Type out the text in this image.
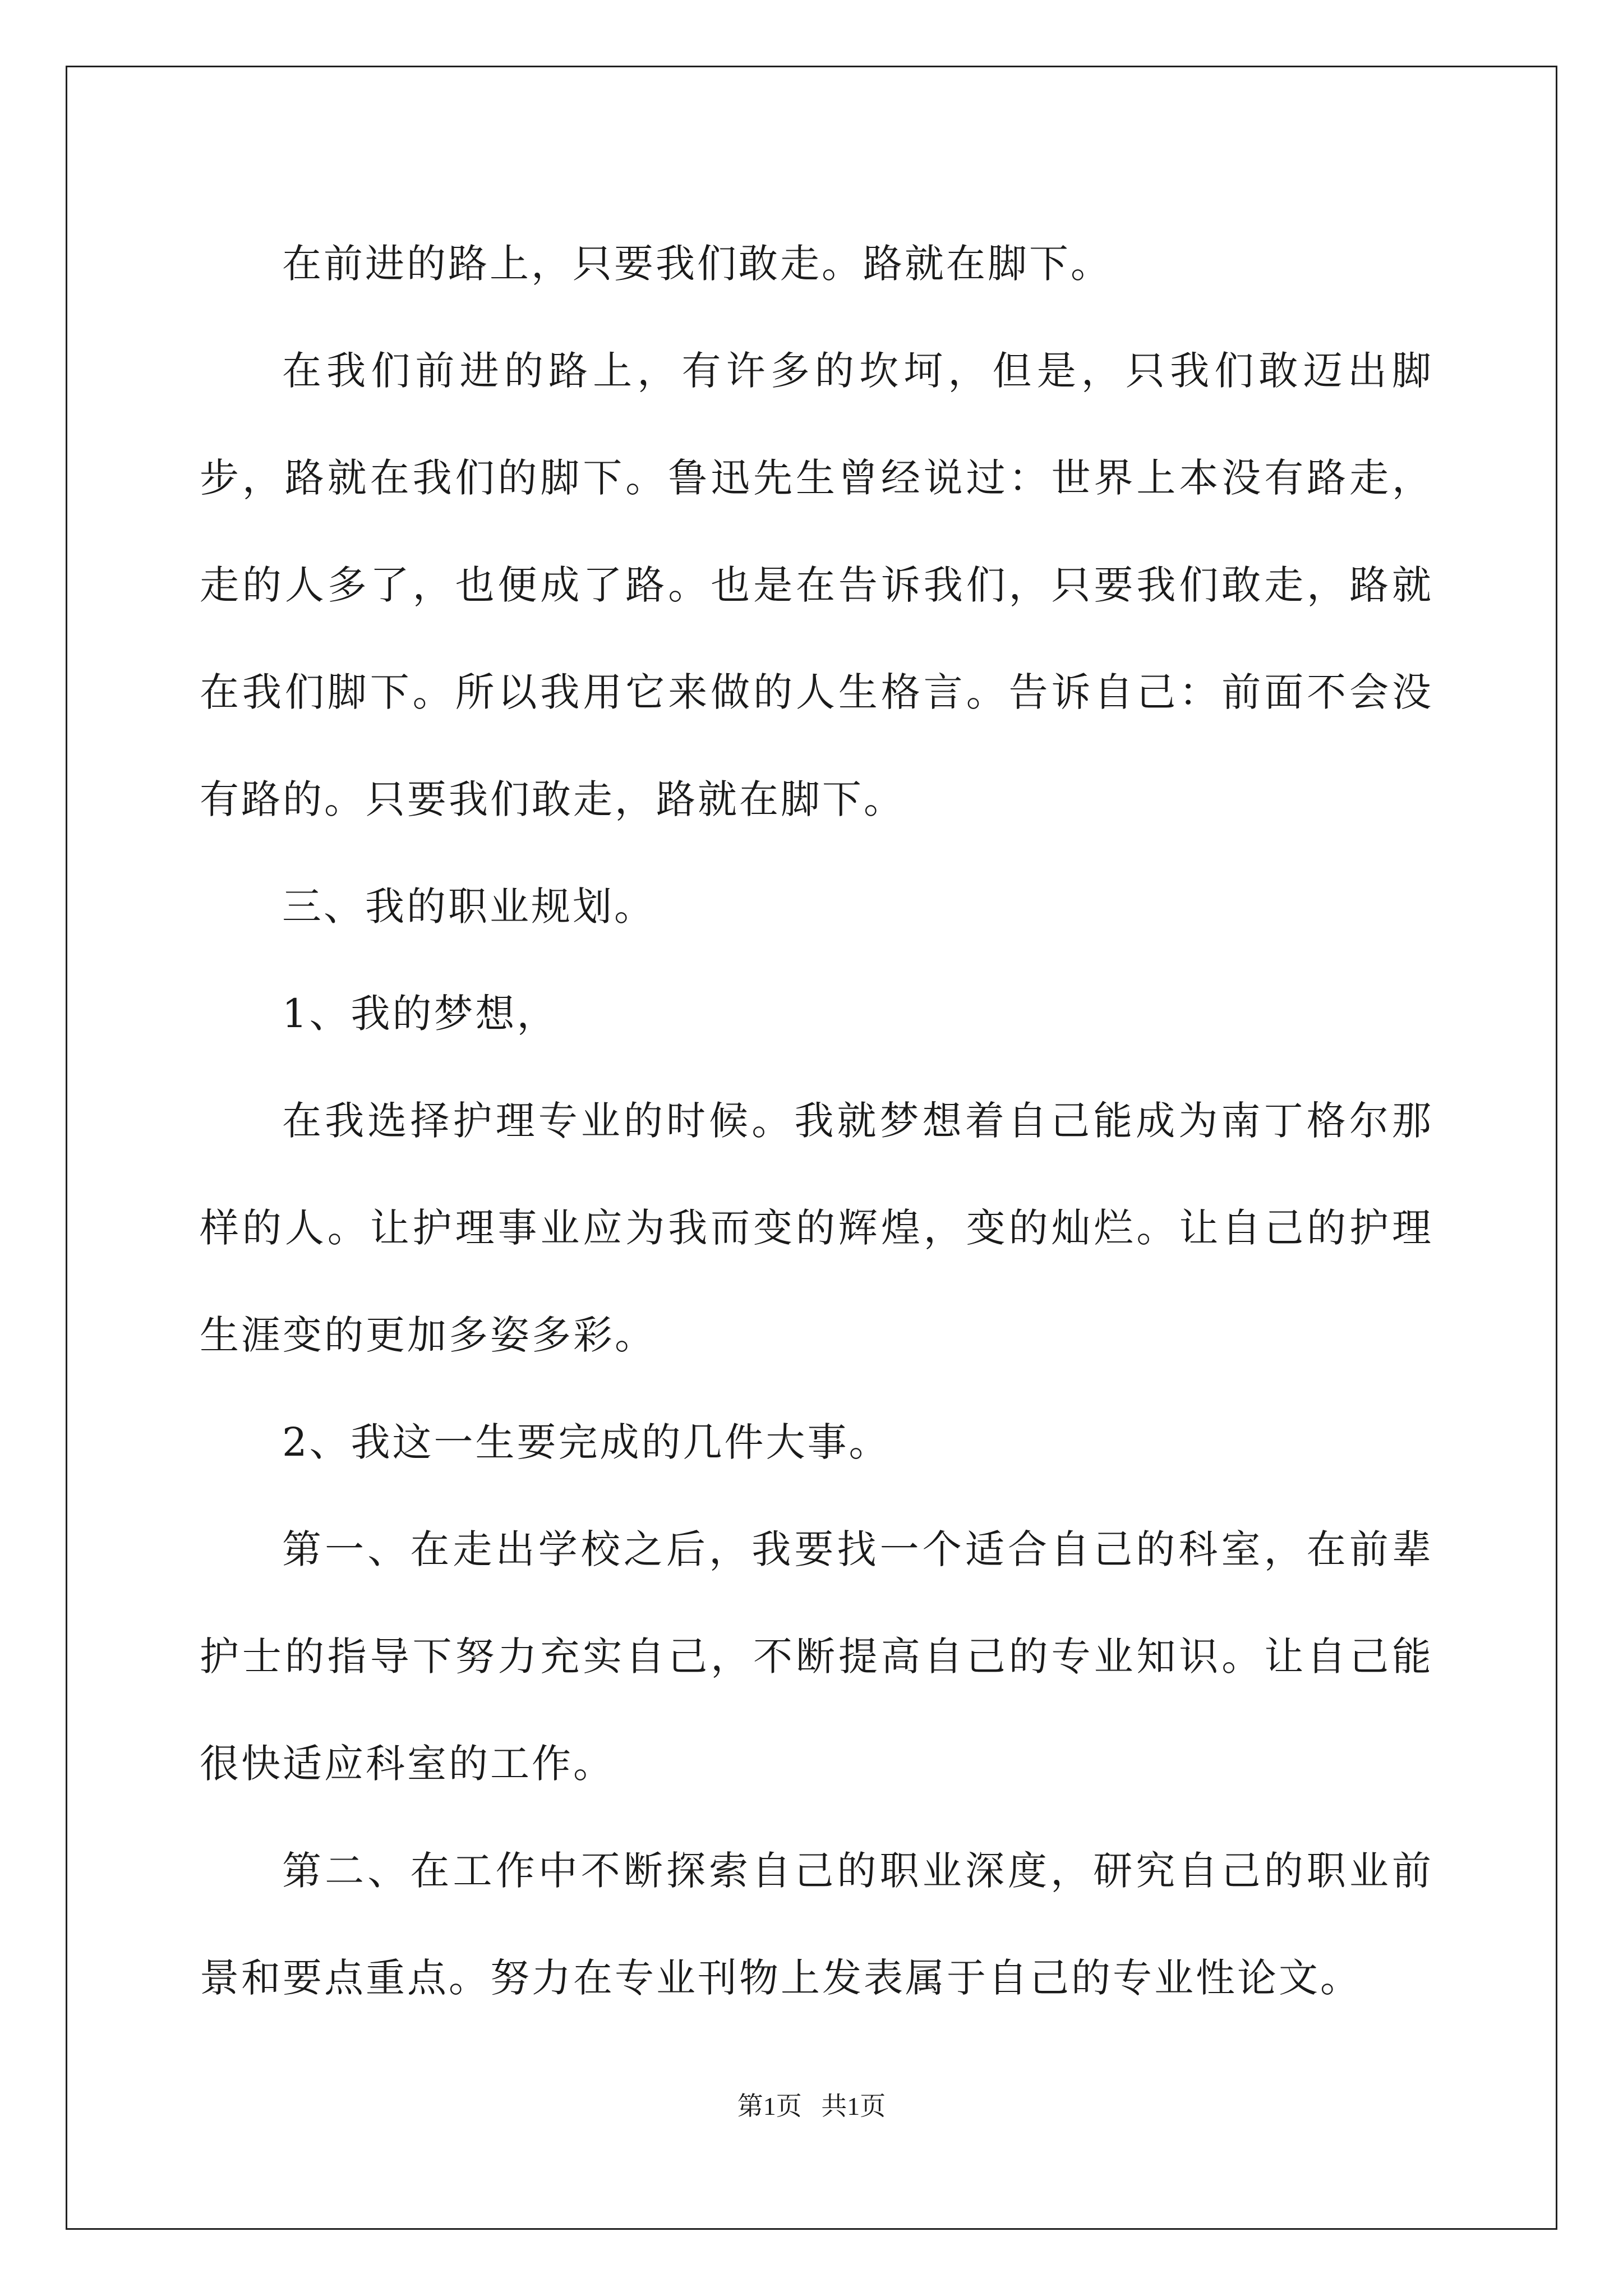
在前进的路上，只要我们敢走。路就在脚下。

在我们前进的路上，有许多的坎坷，但是，只我们敢迈出脚步，路就在我们的脚下。鲁迅先生曾经说过：世界上本没有路走，走的人多了，也便成了路。也是在告诉我们，只要我们敢走，路就在我们脚下。所以我用它来做的人生格言。告诉自己：前面不会没有路的。只要我们敢走，路就在脚下。

三、我的职业规划。

1、我的梦想，

在我选择护理专业的时候。我就梦想着自己能成为南丁格尔那样的人。让护理事业应为我而变的辉煌，变的灿烂。让自己的护理生涯变的更加多姿多彩。

2、我这一生要完成的几件大事。

第一、在走出学校之后，我要找一个适合自己的科室，在前辈护士的指导下努力充实自己，不断提高自己的专业知识。让自己能很快适应科室的工作。

第二、在工作中不断探索自己的职业深度，研究自己的职业前景和要点重点。努力在专业刊物上发表属于自己的专业性论文。

第1页   共1页
